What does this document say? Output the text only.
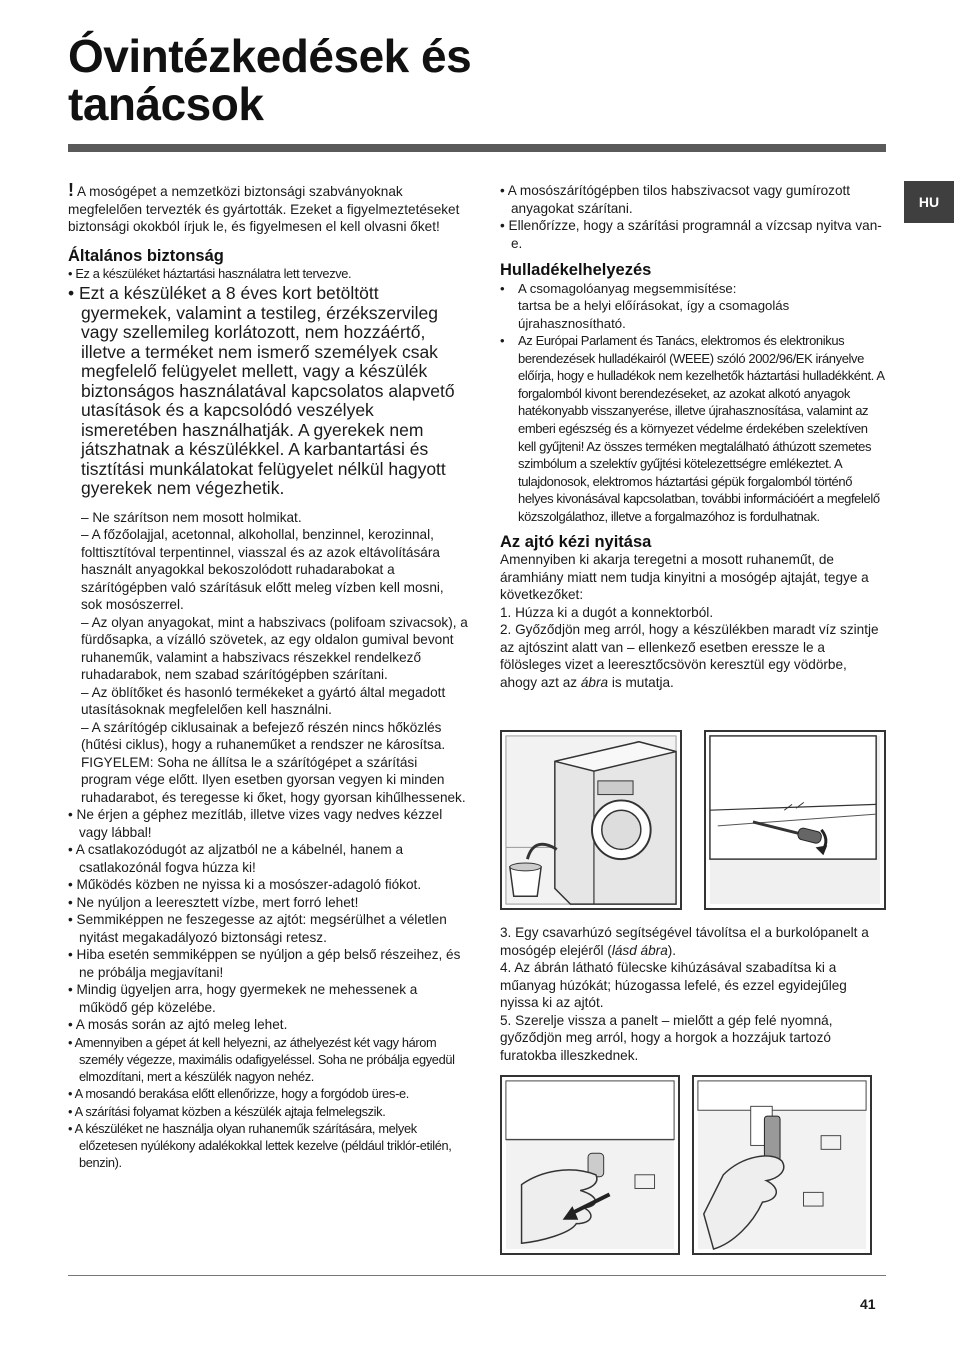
Óvintézkedések és
tanácsok
HU

! A mosógépet a nemzetközi biztonsági szabványoknak megfelelően tervezték és gyártották. Ezeket a figyelmeztetéseket biztonsági okokból írjuk le, és figyelmesen el kell olvasni őket!

Általános biztonság

• Ez a készüléket háztartási használatra lett tervezve.

• Ezt a készüléket a 8 éves kort betöltött gyermekek, valamint a testileg, érzékszervileg vagy szellemileg korlátozott, nem hozzáértő, illetve a terméket nem ismerő személyek csak megfelelő felügyelet mellett, vagy a készülék biztonságos használatával kapcsolatos alapvető utasítások és a kapcsolódó veszélyek ismeretében használhatják. A gyerekek nem játszhatnak a készülékkel. A karbantartási és tisztítási munkálatokat felügyelet nélkül hagyott gyerekek nem végezhetik.

– Ne szárítson nem mosott holmikat.

– A főzőolajjal, acetonnal, alkohollal, benzinnel, kerozinnal, folttisztítóval terpentinnel, viasszal és az azok eltávolítására használt anyagokkal bekoszolódott ruhadarabokat a szárítógépben való szárításuk előtt meleg vízben kell mosni, sok mosószerrel.

– Az olyan anyagokat, mint a habszivacs (polifoam szivacsok), a fürdősapka, a vízálló szövetek, az egy oldalon gumival bevont ruhaneműk, valamint a habszivacs részekkel rendelkező ruhadarabok, nem szabad szárítógépben szárítani.

– Az öblítőket és hasonló termékeket a gyártó által megadott utasításoknak megfelelően kell használni.

– A szárítógép ciklusainak a befejező részén nincs hőközlés (hűtési ciklus), hogy a ruhaneműket a rendszer ne károsítsa.

FIGYELEM: Soha ne állítsa le a szárítógépet a szárítási program vége előtt. Ilyen esetben gyorsan vegyen ki minden ruhadarabot, és teregesse ki őket, hogy gyorsan kihűlhessenek.

• Ne érjen a géphez mezítláb, illetve vizes vagy nedves kézzel vagy lábbal!

• A csatlakozódugót az aljzatból ne a kábelnél, hanem a csatlakozónál fogva húzza ki!

• Működés közben ne nyissa ki a mosószer-adagoló fiókot.

• Ne nyúljon a leeresztett vízbe, mert forró lehet!

• Semmiképpen ne feszegesse az ajtót: megsérülhet a véletlen nyitást megakadályozó biztonsági retesz.

• Hiba esetén semmiképpen se nyúljon a gép belső részeihez, és ne próbálja megjavítani!

• Mindig ügyeljen arra, hogy gyermekek ne mehessenek a működő gép közelébe.

• A mosás során az ajtó meleg lehet.

• Amennyiben a gépet át kell helyezni, az áthelyezést két vagy három személy végezze, maximális odafigyeléssel. Soha ne próbálja egyedül elmozdítani, mert a készülék nagyon nehéz.

• A mosandó berakása előtt ellenőrizze, hogy a forgódob üres-e.

• A szárítási folyamat közben a készülék ajtaja felmelegszik.

• A készüléket ne használja olyan ruhaneműk szárítására, melyek előzetesen nyúlékony adalékokkal lettek kezelve (például triklór-etilén, benzin).

• A mosószárítógépben tilos habszivacsot vagy gumírozott anyagokat szárítani.

• Ellenőrízze, hogy a szárítási programnál a vízcsap nyitva van-e.

Hulladékelhelyezés
•	A csomagolóanyag megsemmisítése:
tartsa be a helyi előírásokat, így a csomagolás újrahasznosítható.
•	Az Európai Parlament és Tanács, elektromos és elektronikus berendezések hulladékairól (WEEE) szóló 2002/96/EK irányelve előírja, hogy e hulladékok nem kezelhetők háztartási hulladékként. A forgalomból kivont berendezéseket, az azokat alkotó anyagok hatékonyabb visszanyerése, illetve újrahasznosítása, valamint az emberi egészség és a környezet védelme érdekében szelektíven kell gyűjteni! Az összes terméken megtalálható áthúzott szemetes szimbólum a szelektív gyűjtési kötelezettségre emlékeztet. A tulajdonosok, elektromos háztartási gépük forgalomból történő helyes kivonásával kapcsolatban, további információért a megfelelő közszolgálathoz, illetve a forgalmazóhoz is fordulhatnak.
Az ajtó kézi nyitása

Amennyiben ki akarja teregetni a mosott ruhaneműt, de áramhiány miatt nem tudja kinyitni a mosógép ajtaját, tegye a következőket:

1. Húzza ki a dugót a konnektorból.

2. Győződjön meg arról, hogy a készülékben maradt víz szintje az ajtószint alatt van – ellenkező esetben eressze le a fölösleges vizet a leeresztőcsövön keresztül egy vödörbe, ahogy azt az ábra is mutatja.

3. Egy csavarhúzó segítségével távolítsa el a burkolópanelt a mosógép elejéről (lásd ábra).

4. Az ábrán látható fülecske kihúzásával szabadítsa ki a műanyag húzókát; húzogassa lefelé, és ezzel egyidejűleg nyissa ki az ajtót.

5. Szerelje vissza a panelt – mielőtt a gép felé nyomná, győződjön meg arról, hogy a horgok a hozzájuk tartozó furatokba illeszkednek.

41
